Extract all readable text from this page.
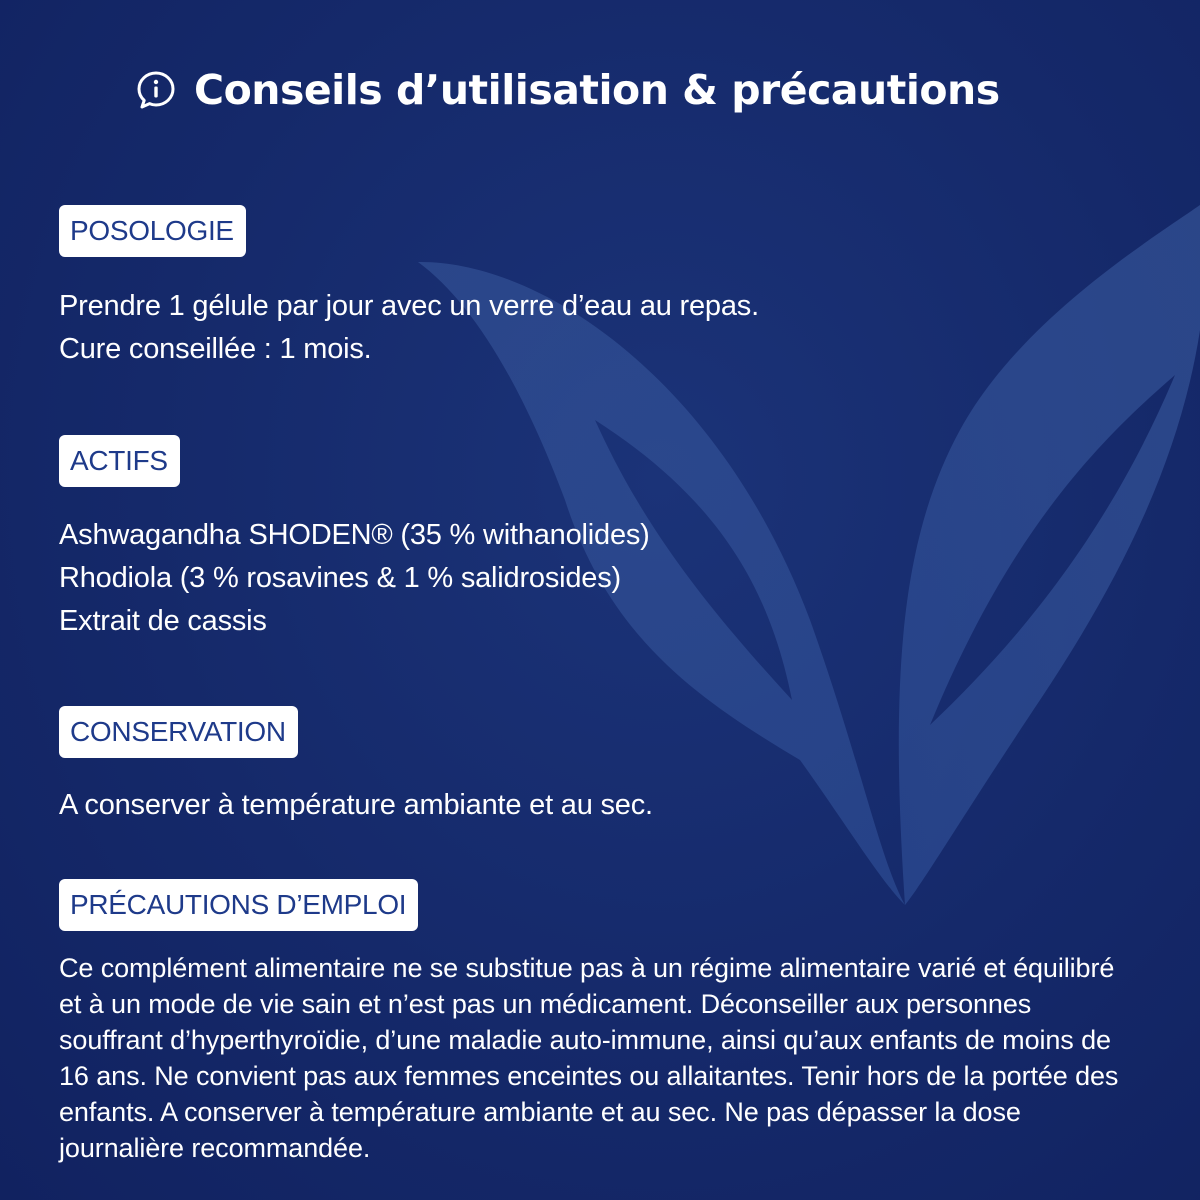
Conseils d’utilisation & précautions
POSOLOGIE
Prendre 1 gélule par jour avec un verre d’eau au repas.
Cure conseillée : 1 mois.
ACTIFS
Ashwagandha SHODEN® (35 % withanolides)
Rhodiola (3 % rosavines & 1 % salidrosides)
Extrait de cassis
CONSERVATION
A conserver à température ambiante et au sec.
PRÉCAUTIONS D’EMPLOI
Ce complément alimentaire ne se substitue pas à un régime alimentaire varié et équilibré et à un mode de vie sain et n’est pas un médicament. Déconseiller aux personnes souffrant d’hyperthyroïdie, d’une maladie auto-immune, ainsi qu’aux enfants de moins de 16 ans. Ne convient pas aux femmes enceintes ou allaitantes. Tenir hors de la portée des enfants. A conserver à température ambiante et au sec. Ne pas dépasser la dose journalière recommandée.
